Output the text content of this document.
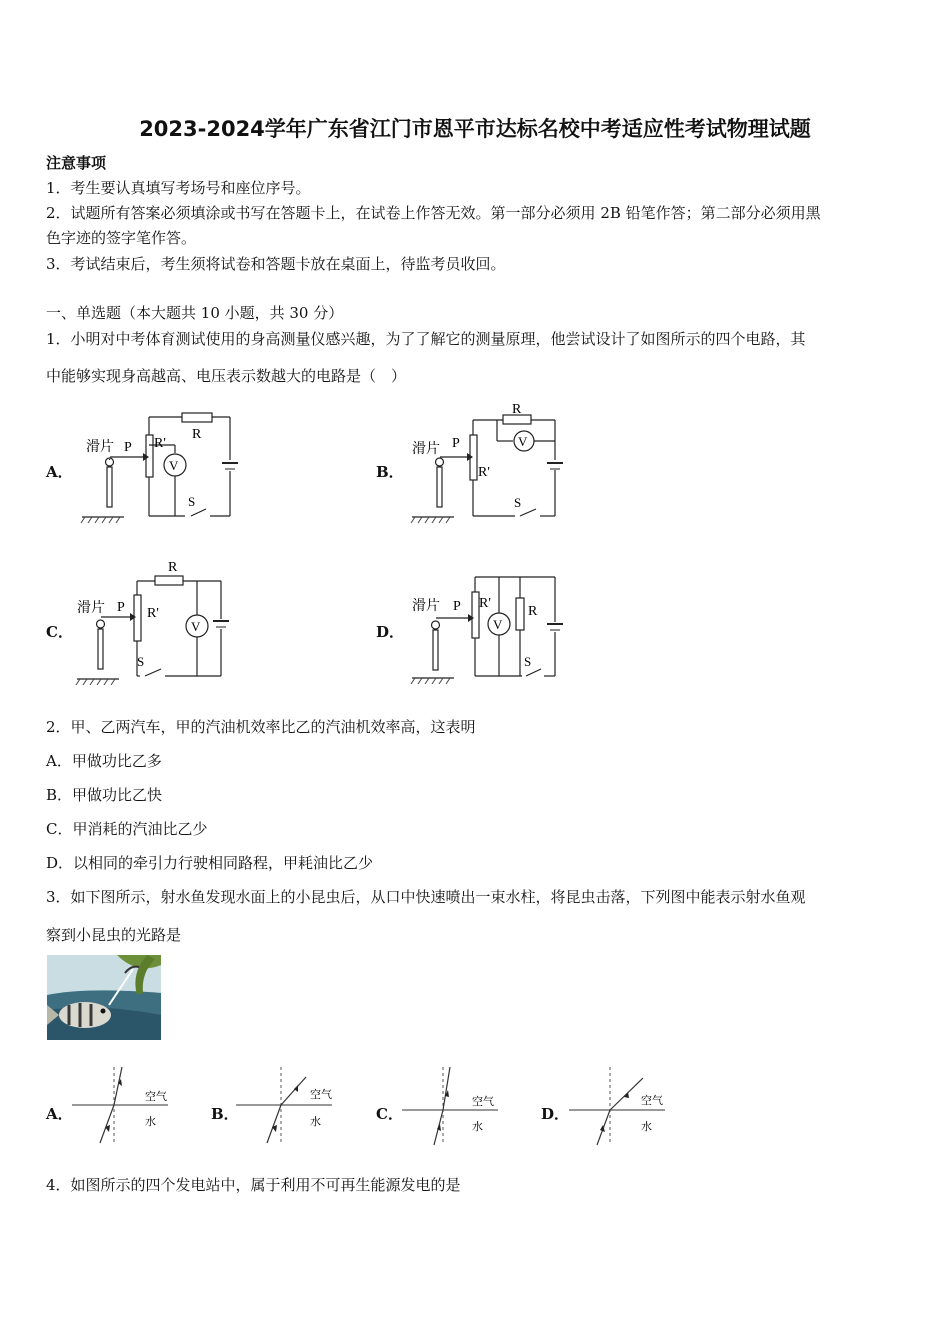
2023-2024学年广东省江门市恩平市达标名校中考适应性考试物理试题
注意事项
1．考生要认真填写考场号和座位序号。
2．试题所有答案必须填涂或书写在答题卡上，在试卷上作答无效。第一部分必须用 2B 铅笔作答；第二部分必须用黑
色字迹的签字笔作答。
3．考试结束后，考生须将试卷和答题卡放在桌面上，待监考员收回。
一、单选题（本大题共 10 小题，共 30 分）
1．小明对中考体育测试使用的身高测量仪感兴趣，为了了解它的测量原理，他尝试设计了如图所示的四个电路，其
中能够实现身高越高、电压表示数越大的电路是（　）
A．
滑片 P R'
R
V
S
B．
滑片 P
R'
R
V
S
C．
滑片 P R'
R
V
S
D．
滑片 P R'
R
V
S
2．甲、乙两汽车，甲的汽油机效率比乙的汽油机效率高，这表明
A．甲做功比乙多
B．甲做功比乙快
C．甲消耗的汽油比乙少
D．以相同的牵引力行驶相同路程，甲耗油比乙少
3．如下图所示，射水鱼发现水面上的小昆虫后，从口中快速喷出一束水柱，将昆虫击落，下列图中能表示射水鱼观
察到小昆虫的光路是
A．
空气
水	B．
空气
水	C．
空气
水
D．
空气
水
4．如图所示的四个发电站中，属于利用不可再生能源发电的是
